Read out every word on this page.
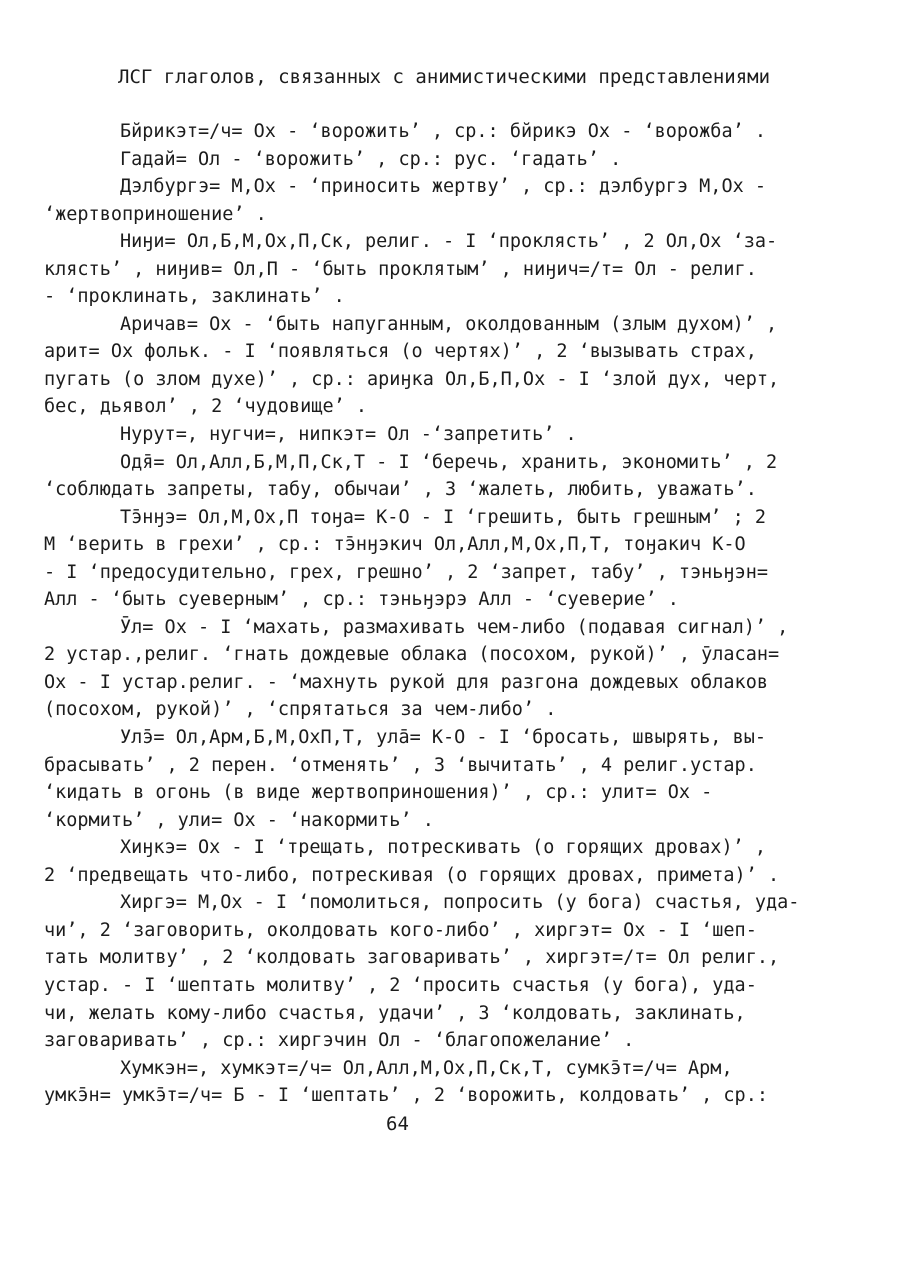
ЛСГ глаголов, связанных с анимистическими представлениями
Бйрикэт=/ч= Ох - ‘ворожить’ , ср.: бйрикэ Ох - ‘ворожба’ .
Гадай= Ол - ‘ворожить’ , ср.: рус. ‘гадать’ .
Дэлбургэ= М,Ох - ‘приносить жертву’ , ср.: дэлбургэ М,Ох -
‘жертвоприношение’ .
Ниӈи= Ол,Б,М,Ох,П,Ск, религ. - I ‘проклясть’ , 2 Ол,Ох ‘за-
клясть’ , ниӈив= Ол,П - ‘быть проклятым’ , ниӈич=/т= Ол - религ.
- ‘проклинать, заклинать’ .
Аричав= Ох - ‘быть напуганным, околдованным (злым духом)’ ,
арит= Ох фольк. - I ‘появляться (о чертях)’ , 2 ‘вызывать страх,
пугать (о злом духе)’ , ср.: ариӈка Ол,Б,П,Ох - I ‘злой дух, черт,
бес, дьявол’ , 2 ‘чудовище’ .
Нурут=, нугчи=, нипкэт= Ол -‘запретить’ .
Одя̄= Ол,Алл,Б,М,П,Ск,Т - I ‘беречь, хранить, экономить’ , 2
‘соблюдать запреты, табу, обычаи’ , 3 ‘жалеть, любить, уважать’.
Тэ̄нӈэ= Ол,М,Ох,П тоӈа= К-О - I ‘грешить, быть грешным’ ; 2
М ‘верить в грехи’ , ср.: тэ̄нӈэкич Ол,Алл,М,Ох,П,Т, тоӈакич К-О
- I ‘предосудительно, грех, грешно’ , 2 ‘запрет, табу’ , тэньӈэн=
Алл - ‘быть суеверным’ , ср.: тэньӈэрэ Алл - ‘суеверие’ .
Ӯл= Ох - I ‘махать, размахивать чем-либо (подавая сигнал)’ ,
2 устар.,религ. ‘гнать дождевые облака (посохом, рукой)’ , ӯласан=
Ох - I устар.религ. - ‘махнуть рукой для разгона дождевых облаков
(посохом, рукой)’ , ‘спрятаться за чем-либо’ .
Улэ̄= Ол,Арм,Б,М,ОхП,Т, ула̄= К-О - I ‘бросать, швырять, вы-
брасывать’ , 2 перен. ‘отменять’ , 3 ‘вычитать’ , 4 религ.устар.
‘кидать в огонь (в виде жертвоприношения)’ , ср.: улит= Ох -
‘кормить’ , ули= Ох - ‘накормить’ .
Хиӈкэ= Ох - I ‘трещать, потрескивать (о горящих дровах)’ ,
2 ‘предвещать что-либо, потрескивая (о горящих дровах, примета)’ .
Хиргэ= М,Ох - I ‘помолиться, попросить (у бога) счастья, уда-
чи’, 2 ‘заговорить, околдовать кого-либо’ , хиргэт= Ох - I ‘шеп-
тать молитву’ , 2 ‘колдовать заговаривать’ , хиргэт=/т= Ол религ.,
устар. - I ‘шептать молитву’ , 2 ‘просить счастья (у бога), уда-
чи, желать кому-либо счастья, удачи’ , 3 ‘колдовать, заклинать,
заговаривать’ , ср.: хиргэчин Ол - ‘благопожелание’ .
Хумкэн=, хумкэт=/ч= Ол,Алл,М,Ох,П,Ск,Т, сумкэ̄т=/ч= Арм,
умкэ̄н= умкэ̄т=/ч= Б - I ‘шептать’ , 2 ‘ворожить, колдовать’ , ср.:
64
